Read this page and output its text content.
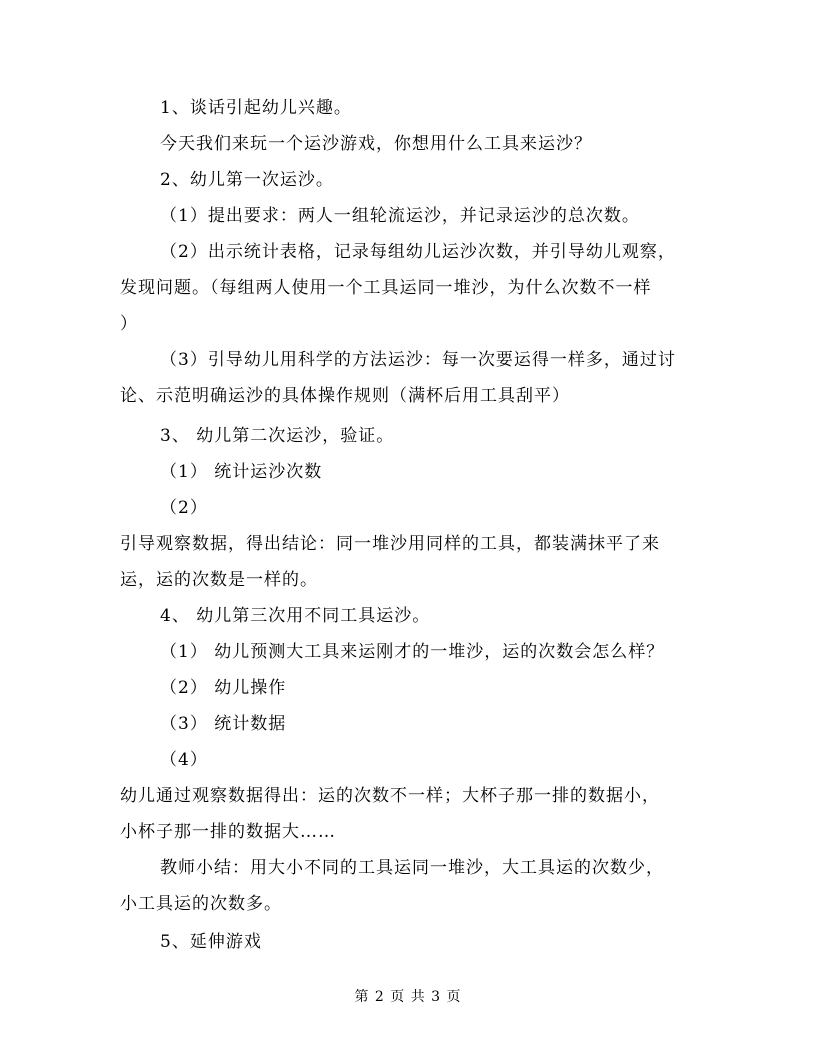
1、谈话引起幼儿兴趣。
今天我们来玩一个运沙游戏，你想用什么工具来运沙？
2、幼儿第一次运沙。
（1）提出要求：两人一组轮流运沙，并记录运沙的总次数。
（2）出示统计表格，记录每组幼儿运沙次数，并引导幼儿观察，
发现问题。（每组两人使用一个工具运同一堆沙，为什么次数不一样
）
（3）引导幼儿用科学的方法运沙：每一次要运得一样多，通过讨
论、示范明确运沙的具体操作规则（满杯后用工具刮平）
3、 幼儿第二次运沙，验证。
（1） 统计运沙次数
（2）
引导观察数据，得出结论：同一堆沙用同样的工具，都装满抹平了来
运，运的次数是一样的。
4、 幼儿第三次用不同工具运沙。
（1） 幼儿预测大工具来运刚才的一堆沙，运的次数会怎么样？
（2） 幼儿操作
（3） 统计数据
（4）
幼儿通过观察数据得出：运的次数不一样；大杯子那一排的数据小，
小杯子那一排的数据大……
教师小结：用大小不同的工具运同一堆沙，大工具运的次数少，
小工具运的次数多。
5、延伸游戏
第 2 页 共 3 页
